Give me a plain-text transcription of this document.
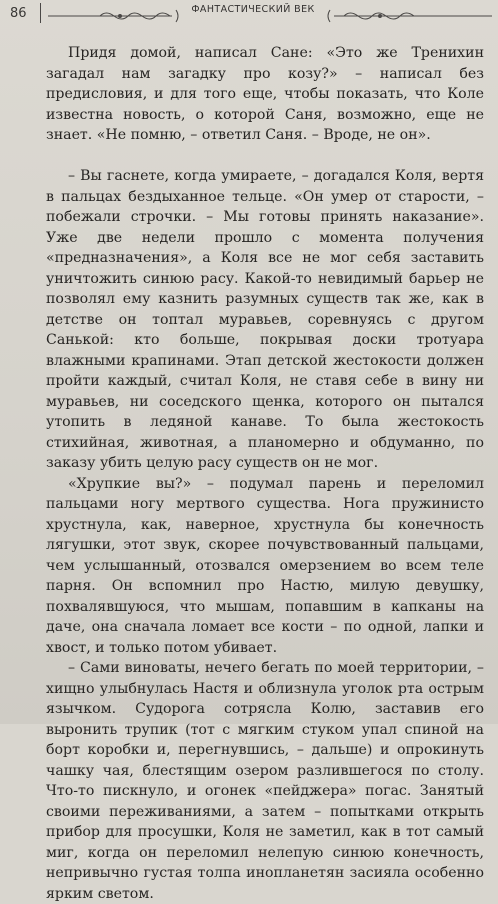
86	ФАНТАСТИЧЕСКИЙ ВЕК

Придя домой, написал Сане: «Это же Тренихин загадал нам загадку про козу?» – написал без предисловия, и для того еще, чтобы показать, что Коле известна новость, о которой Саня, возможно, еще не знает. «Не помню, – ответил Саня. – Вроде, не он».

– Вы гаснете, когда умираете, – догадался Коля, вертя в пальцах бездыханное тельце. «Он умер от старости, – побежали строчки. – Мы готовы принять наказание». Уже две недели прошло с момента получения «предназначения», а Коля все не мог себя заставить уничтожить синюю расу. Какой-то невидимый барьер не позволял ему казнить разумных существ так же, как в детстве он топтал муравьев, соревнуясь с другом Санькой: кто больше, покрывая доски тротуара влажными крапинами. Этап детской жестокости должен пройти каждый, считал Коля, не ставя себе в вину ни муравьев, ни соседского щенка, которого он пытался утопить в ледяной канаве. То была жестокость стихийная, животная, а планомерно и обдуманно, по заказу убить целую расу существ он не мог.

«Хрупкие вы?» – подумал парень и переломил пальцами ногу мертвого существа. Нога пружинисто хрустнула, как, наверное, хрустнула бы конечность лягушки, этот звук, скорее почувствованный пальцами, чем услышанный, отозвался омерзением во всем теле парня. Он вспомнил про Настю, милую девушку, похвалявшуюся, что мышам, попавшим в капканы на даче, она сначала ломает все кости – по одной, лапки и хвост, и только потом убивает.

– Сами виноваты, нечего бегать по моей территории, – хищно улыбнулась Настя и облизнула уголок рта острым язычком. Судорога сотрясла Колю, заставив его выронить трупик (тот с мягким стуком упал спиной на борт коробки и, перегнувшись, – дальше) и опрокинуть чашку чая, блестящим озером разлившегося по столу. Что-то пискнуло, и огонек «пейджера» погас. Занятый своими переживаниями, а затем – попытками открыть прибор для просушки, Коля не заметил, как в тот самый миг, когда он переломил нелепую синюю конечность, непривычно густая толпа инопланетян засияла особенно ярким светом.
